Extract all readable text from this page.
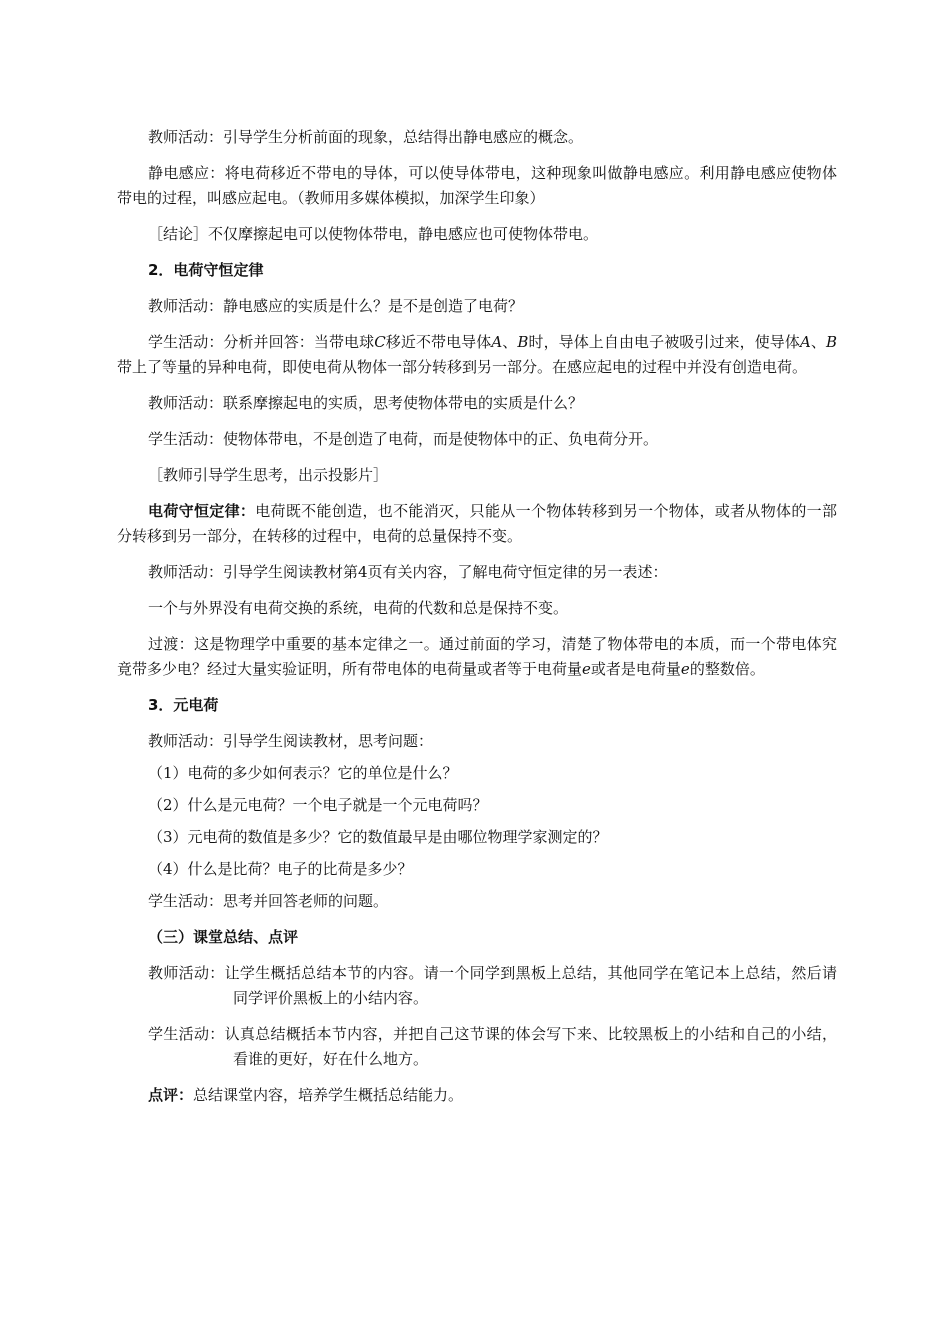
教师活动：引导学生分析前面的现象，总结得出静电感应的概念。

静电感应：将电荷移近不带电的导体，可以使导体带电，这种现象叫做静电感应。利用静电感应使物体带电的过程，叫感应起电。（教师用多媒体模拟，加深学生印象）

［结论］不仅摩擦起电可以使物体带电，静电感应也可使物体带电。

2．电荷守恒定律

教师活动：静电感应的实质是什么？是不是创造了电荷？

学生活动：分析并回答：当带电球C移近不带电导体A、B时，导体上自由电子被吸引过来，使导体A、B带上了等量的异种电荷，即使电荷从物体一部分转移到另一部分。在感应起电的过程中并没有创造电荷。

教师活动：联系摩擦起电的实质，思考使物体带电的实质是什么？

学生活动：使物体带电，不是创造了电荷，而是使物体中的正、负电荷分开。

［教师引导学生思考，出示投影片］

电荷守恒定律：电荷既不能创造，也不能消灭，只能从一个物体转移到另一个物体，或者从物体的一部分转移到另一部分，在转移的过程中，电荷的总量保持不变。

教师活动：引导学生阅读教材第4页有关内容，了解电荷守恒定律的另一表述：

一个与外界没有电荷交换的系统，电荷的代数和总是保持不变。

过渡：这是物理学中重要的基本定律之一。通过前面的学习，清楚了物体带电的本质，而一个带电体究竟带多少电？经过大量实验证明，所有带电体的电荷量或者等于电荷量e或者是电荷量e的整数倍。

3．元电荷

教师活动：引导学生阅读教材，思考问题：

（1）电荷的多少如何表示？它的单位是什么？

（2）什么是元电荷？一个电子就是一个元电荷吗？

（3）元电荷的数值是多少？它的数值最早是由哪位物理学家测定的？

（4）什么是比荷？电子的比荷是多少？

学生活动：思考并回答老师的问题。

（三）课堂总结、点评

教师活动：让学生概括总结本节的内容。请一个同学到黑板上总结，其他同学在笔记本上总结，然后请同学评价黑板上的小结内容。

学生活动：认真总结概括本节内容，并把自己这节课的体会写下来、比较黑板上的小结和自己的小结，看谁的更好，好在什么地方。

点评：总结课堂内容，培养学生概括总结能力。
